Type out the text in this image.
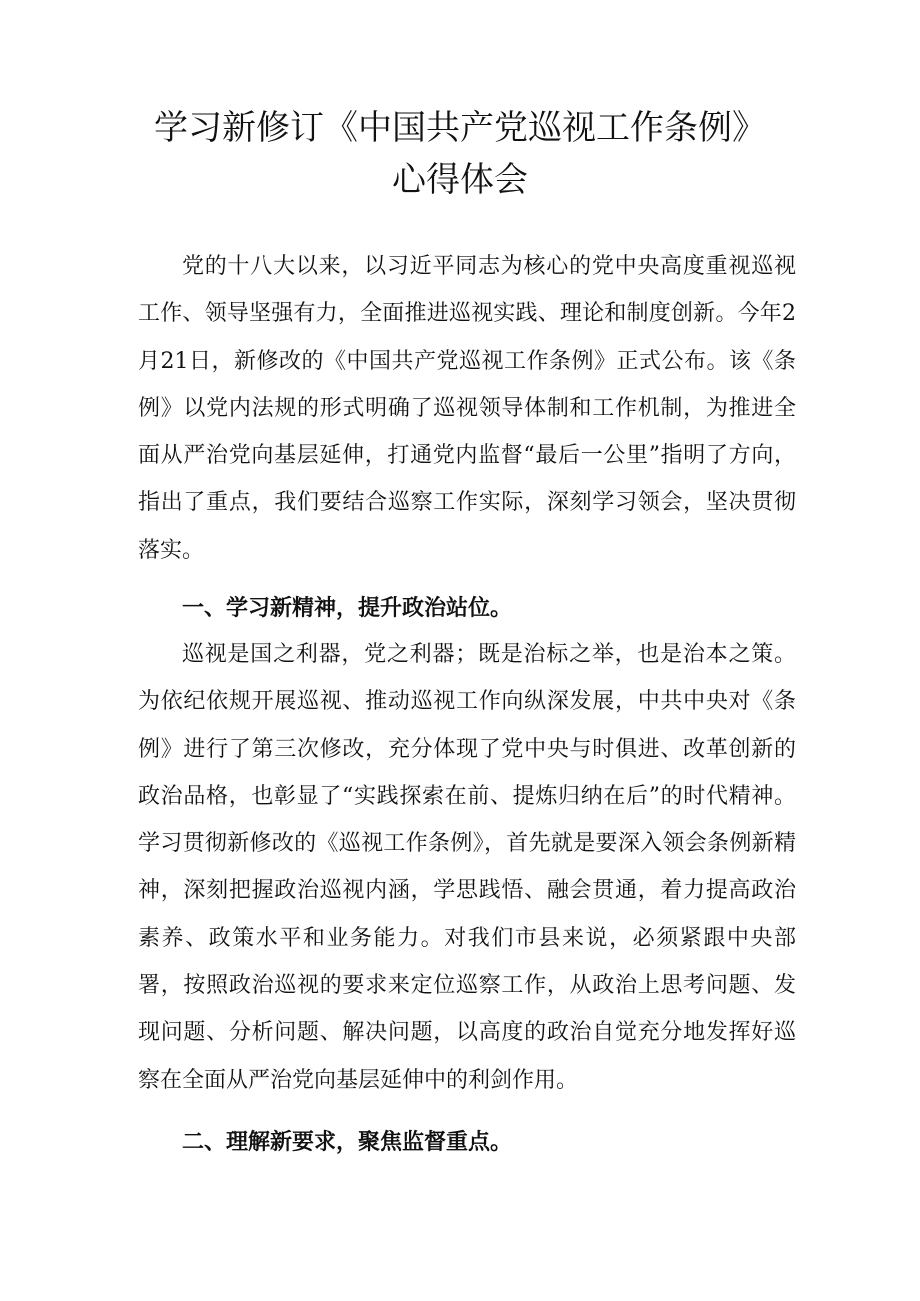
学习新修订《中国共产党巡视工作条例》
心得体会

党的十八大以来，以习近平同志为核心的党中央高度重视巡视工作、领导坚强有力，全面推进巡视实践、理论和制度创新。今年2月21日，新修改的《中国共产党巡视工作条例》正式公布。该《条例》以党内法规的形式明确了巡视领导体制和工作机制，为推进全面从严治党向基层延伸，打通党内监督“最后一公里”指明了方向，指出了重点，我们要结合巡察工作实际，深刻学习领会，坚决贯彻落实。

一、学习新精神，提升政治站位。

巡视是国之利器，党之利器；既是治标之举，也是治本之策。为依纪依规开展巡视、推动巡视工作向纵深发展，中共中央对《条例》进行了第三次修改，充分体现了党中央与时俱进、改革创新的政治品格，也彰显了“实践探索在前、提炼归纳在后”的时代精神。学习贯彻新修改的《巡视工作条例》，首先就是要深入领会条例新精神，深刻把握政治巡视内涵，学思践悟、融会贯通，着力提高政治素养、政策水平和业务能力。对我们市县来说，必须紧跟中央部署，按照政治巡视的要求来定位巡察工作，从政治上思考问题、发现问题、分析问题、解决问题，以高度的政治自觉充分地发挥好巡察在全面从严治党向基层延伸中的利剑作用。

二、理解新要求，聚焦监督重点。
